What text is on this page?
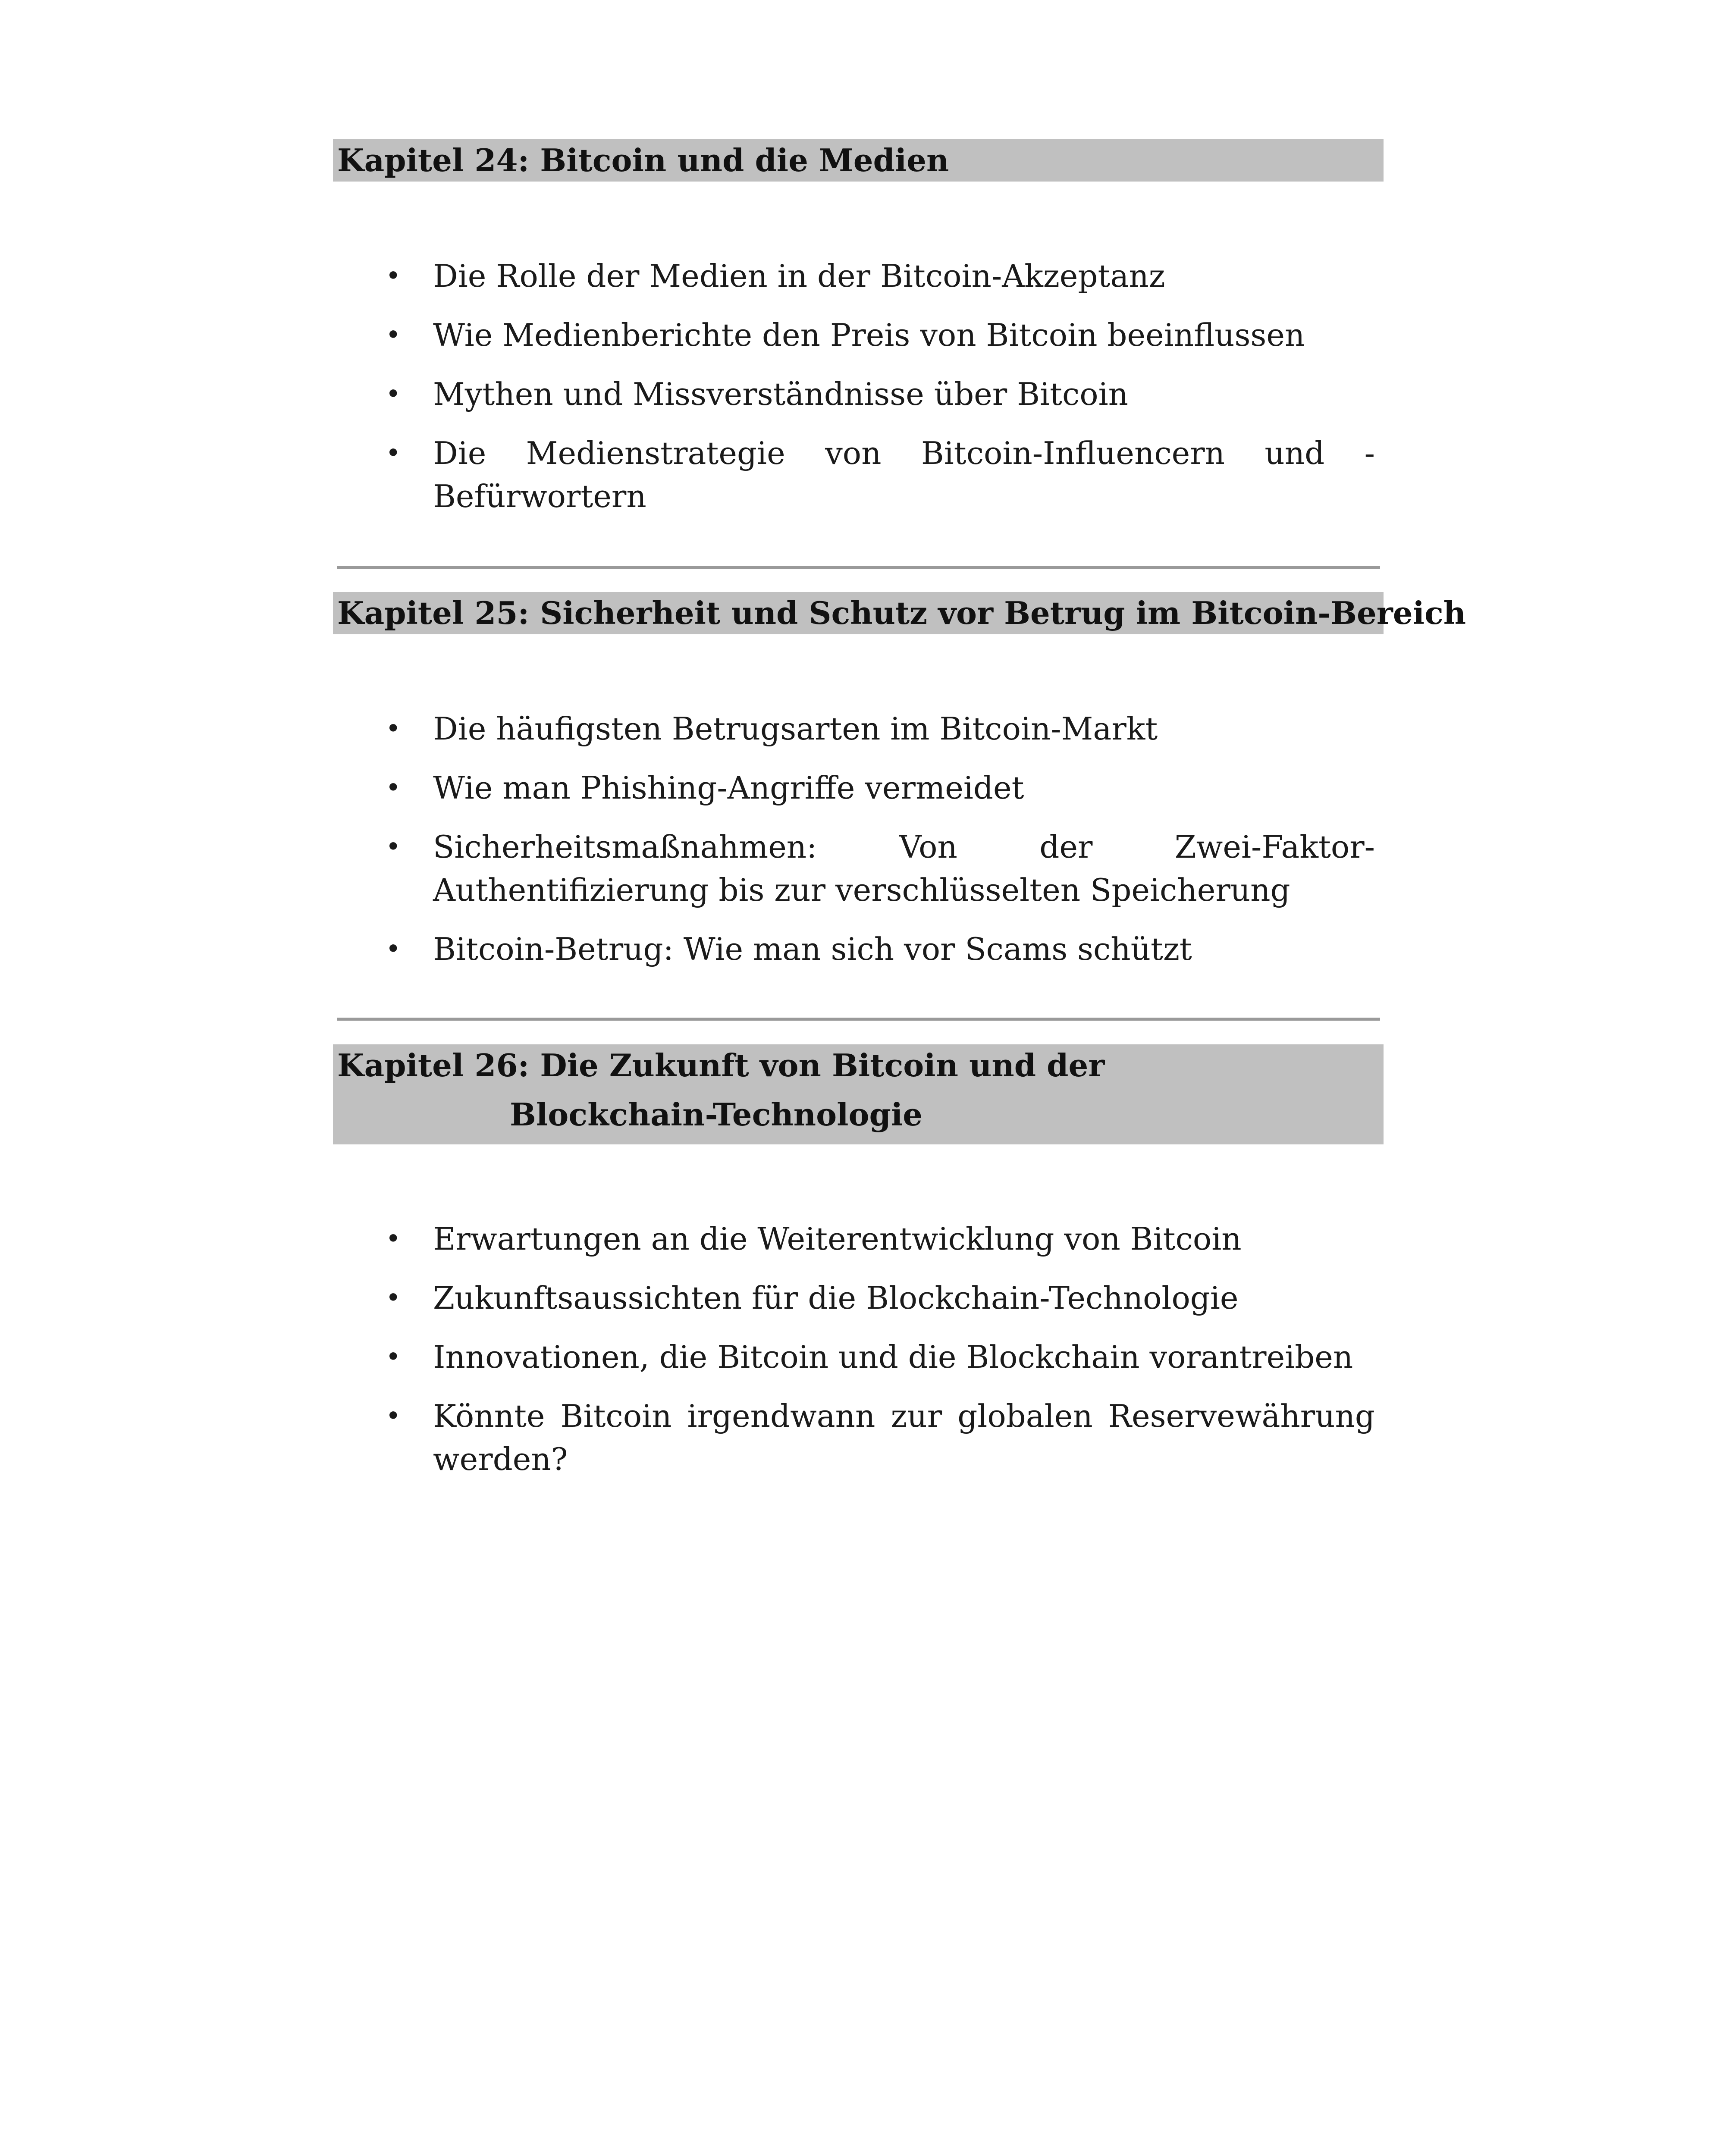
Kapitel 24: Bitcoin und die Medien
• Die Rolle der Medien in der Bitcoin-Akzeptanz
• Wie Medienberichte den Preis von Bitcoin beeinflussen
• Mythen und Missverständnisse über Bitcoin
• Die Medienstrategie von Bitcoin-Influencern und -Befürwortern
Kapitel 25: Sicherheit und Schutz vor Betrug im Bitcoin-Bereich
• Die häufigsten Betrugsarten im Bitcoin-Markt
• Wie man Phishing-Angriffe vermeidet
• Sicherheitsmaßnahmen: Von der Zwei-Faktor-Authentifizierung bis zur verschlüsselten Speicherung
• Bitcoin-Betrug: Wie man sich vor Scams schützt
Kapitel 26: Die Zukunft von Bitcoin und der
Blockchain-Technologie
• Erwartungen an die Weiterentwicklung von Bitcoin
• Zukunftsaussichten für die Blockchain-Technologie
• Innovationen, die Bitcoin und die Blockchain vorantreiben
• Könnte Bitcoin irgendwann zur globalen Reservewährung werden?
